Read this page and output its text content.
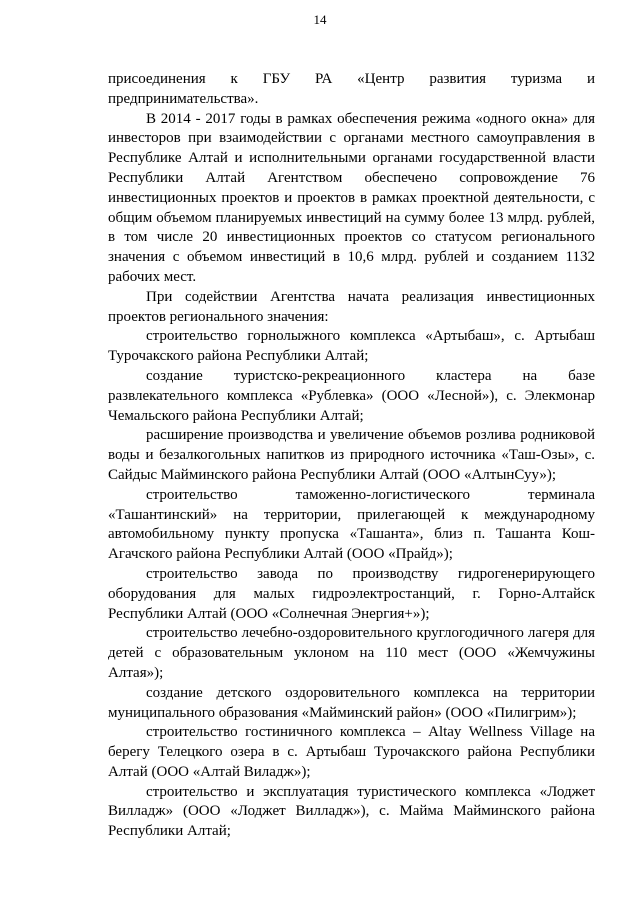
14

присоединения к ГБУ РА «Центр развития туризма и предпринимательства».

В 2014 - 2017 годы в рамках обеспечения режима «одного окна» для инвесторов при взаимодействии с органами местного самоуправления в Республике Алтай и исполнительными органами государственной власти Республики Алтай Агентством обеспечено сопровождение 76 инвестиционных проектов и проектов в рамках проектной деятельности, с общим объемом планируемых инвестиций на сумму более 13 млрд. рублей, в том числе 20 инвестиционных проектов со статусом регионального значения с объемом инвестиций в 10,6 млрд. рублей и созданием 1132 рабочих мест.

При содействии Агентства начата реализация инвестиционных проектов регионального значения:

строительство горнолыжного комплекса «Артыбаш», с. Артыбаш Турочакского района Республики Алтай;

создание туристско-рекреационного кластера на базе развлекательного комплекса «Рублевка» (ООО «Лесной»), с. Элекмонар Чемальского района Республики Алтай;

расширение производства и увеличение объемов розлива родниковой воды и безалкогольных напитков из природного источника «Таш-Озы», с. Сайдыс Майминского района Республики Алтай (ООО «АлтынСуу»);

строительство таможенно-логистического терминала «Ташантинский» на территории, прилегающей к международному автомобильному пункту пропуска «Ташанта», близ п. Ташанта Кош-Агачского района Республики Алтай (ООО «Прайд»);

строительство завода по производству гидрогенерирующего оборудования для малых гидроэлектростанций, г. Горно-Алтайск Республики Алтай (ООО «Солнечная Энергия+»);

строительство лечебно-оздоровительного круглогодичного лагеря для детей с образовательным уклоном на 110 мест (ООО «Жемчужины Алтая»);

создание детского оздоровительного комплекса на территории муниципального образования «Майминский район» (ООО «Пилигрим»);

строительство гостиничного комплекса – Altay Wellness Village на берегу Телецкого озера в с. Артыбаш Турочакского района Республики Алтай (ООО «Алтай Виладж»);

строительство и эксплуатация туристического комплекса «Лоджет Вилладж» (ООО «Лоджет Вилладж»), с. Майма Майминского района Республики Алтай;
